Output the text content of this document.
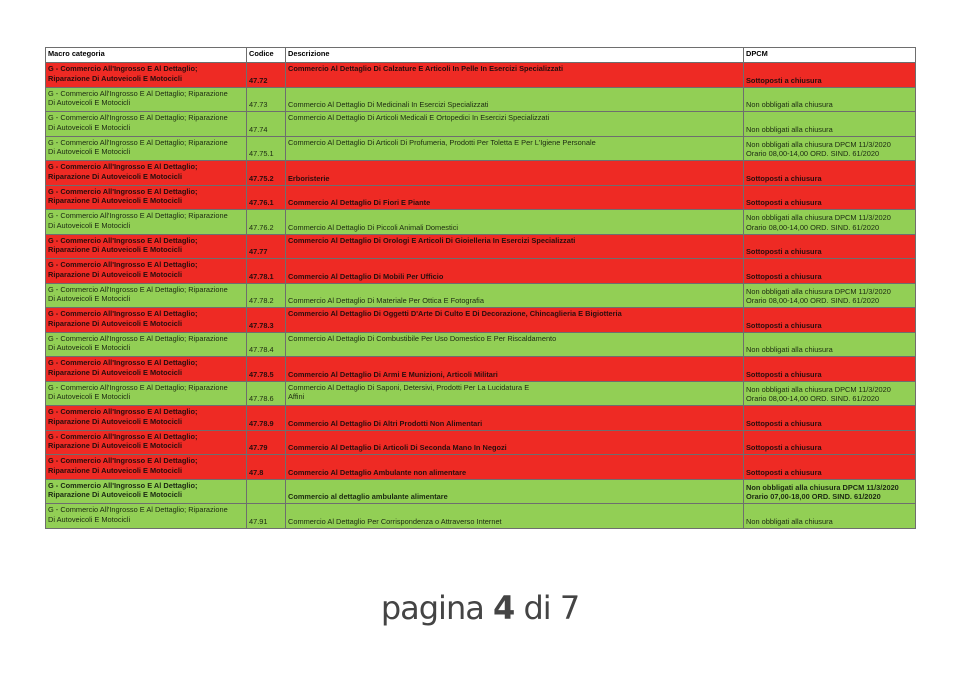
Macro categoria	Codice	Descrizione	DPCM

G - Commercio All'Ingrosso E Al Dettaglio;
Riparazione Di Autoveicoli E Motocicli	47.72	Commercio Al Dettaglio Di Calzature E Articoli In Pelle In Esercizi Specializzati	Sottoposti a chiusura

G - Commercio All'Ingrosso E Al Dettaglio; Riparazione
Di Autoveicoli E Motocicli	47.73	Commercio Al Dettaglio Di Medicinali In Esercizi Specializzati	Non obbligati alla chiusura

G - Commercio All'Ingrosso E Al Dettaglio; Riparazione
Di Autoveicoli E Motocicli	47.74	Commercio Al Dettaglio Di Articoli Medicali E Ortopedici In Esercizi Specializzati	Non obbligati alla chiusura

G - Commercio All'Ingrosso E Al Dettaglio; Riparazione
Di Autoveicoli E Motocicli	47.75.1	Commercio Al Dettaglio Di Articoli Di Profumeria, Prodotti Per Toletta E Per L'Igiene Personale	Non obbligati alla chiusura DPCM 11/3/2020
Orario 08,00-14,00 ORD. SIND. 61/2020

G - Commercio All'Ingrosso E Al Dettaglio;
Riparazione Di Autoveicoli E Motocicli	47.75.2	Erboristerie	Sottoposti a chiusura

G - Commercio All'Ingrosso E Al Dettaglio;
Riparazione Di Autoveicoli E Motocicli	47.76.1	Commercio Al Dettaglio Di Fiori E Piante	Sottoposti a chiusura

G - Commercio All'Ingrosso E Al Dettaglio; Riparazione
Di Autoveicoli E Motocicli	47.76.2	Commercio Al Dettaglio Di Piccoli Animali Domestici	Non obbligati alla chiusura DPCM 11/3/2020
Orario 08,00-14,00 ORD. SIND. 61/2020

G - Commercio All'Ingrosso E Al Dettaglio;
Riparazione Di Autoveicoli E Motocicli	47.77	Commercio Al Dettaglio Di Orologi E Articoli Di Gioielleria In Esercizi Specializzati	Sottoposti a chiusura

G - Commercio All'Ingrosso E Al Dettaglio;
Riparazione Di Autoveicoli E Motocicli	47.78.1	Commercio Al Dettaglio Di Mobili Per Ufficio	Sottoposti a chiusura

G - Commercio All'Ingrosso E Al Dettaglio; Riparazione
Di Autoveicoli E Motocicli	47.78.2	Commercio Al Dettaglio Di Materiale Per Ottica E Fotografia	Non obbligati alla chiusura DPCM 11/3/2020
Orario 08,00-14,00 ORD. SIND. 61/2020

G - Commercio All'Ingrosso E Al Dettaglio;
Riparazione Di Autoveicoli E Motocicli	47.78.3	Commercio Al Dettaglio Di Oggetti D'Arte Di Culto E Di Decorazione, Chincaglieria E Bigiotteria	Sottoposti a chiusura

G - Commercio All'Ingrosso E Al Dettaglio; Riparazione
Di Autoveicoli E Motocicli	47.78.4	Commercio Al Dettaglio Di Combustibile Per Uso Domestico E Per Riscaldamento	Non obbligati alla chiusura

G - Commercio All'Ingrosso E Al Dettaglio;
Riparazione Di Autoveicoli E Motocicli	47.78.5	Commercio Al Dettaglio Di Armi E Munizioni, Articoli Militari	Sottoposti a chiusura

G - Commercio All'Ingrosso E Al Dettaglio; Riparazione
Di Autoveicoli E Motocicli	47.78.6	Commercio Al Dettaglio Di Saponi, Detersivi, Prodotti Per La Lucidatura E
Affini	Non obbligati alla chiusura DPCM 11/3/2020
Orario 08,00-14,00 ORD. SIND. 61/2020

G - Commercio All'Ingrosso E Al Dettaglio;
Riparazione Di Autoveicoli E Motocicli	47.78.9	Commercio Al Dettaglio Di Altri Prodotti Non Alimentari	Sottoposti a chiusura

G - Commercio All'Ingrosso E Al Dettaglio;
Riparazione Di Autoveicoli E Motocicli	47.79	Commercio Al Dettaglio Di Articoli Di Seconda Mano In Negozi	Sottoposti a chiusura

G - Commercio All'Ingrosso E Al Dettaglio;
Riparazione Di Autoveicoli E Motocicli	47.8	Commercio Al Dettaglio Ambulante non alimentare	Sottoposti a chiusura

G - Commercio All'Ingrosso E Al Dettaglio;
Riparazione Di Autoveicoli E Motocicli		Commercio al dettaglio ambulante alimentare	Non obbligati alla chiusura DPCM 11/3/2020
Orario 07,00-18,00 ORD. SIND. 61/2020

G - Commercio All'Ingrosso E Al Dettaglio; Riparazione
Di Autoveicoli E Motocicli	47.91	Commercio Al Dettaglio Per Corrispondenza o Attraverso Internet	Non obbligati alla chiusura
pagina 4 di 7
